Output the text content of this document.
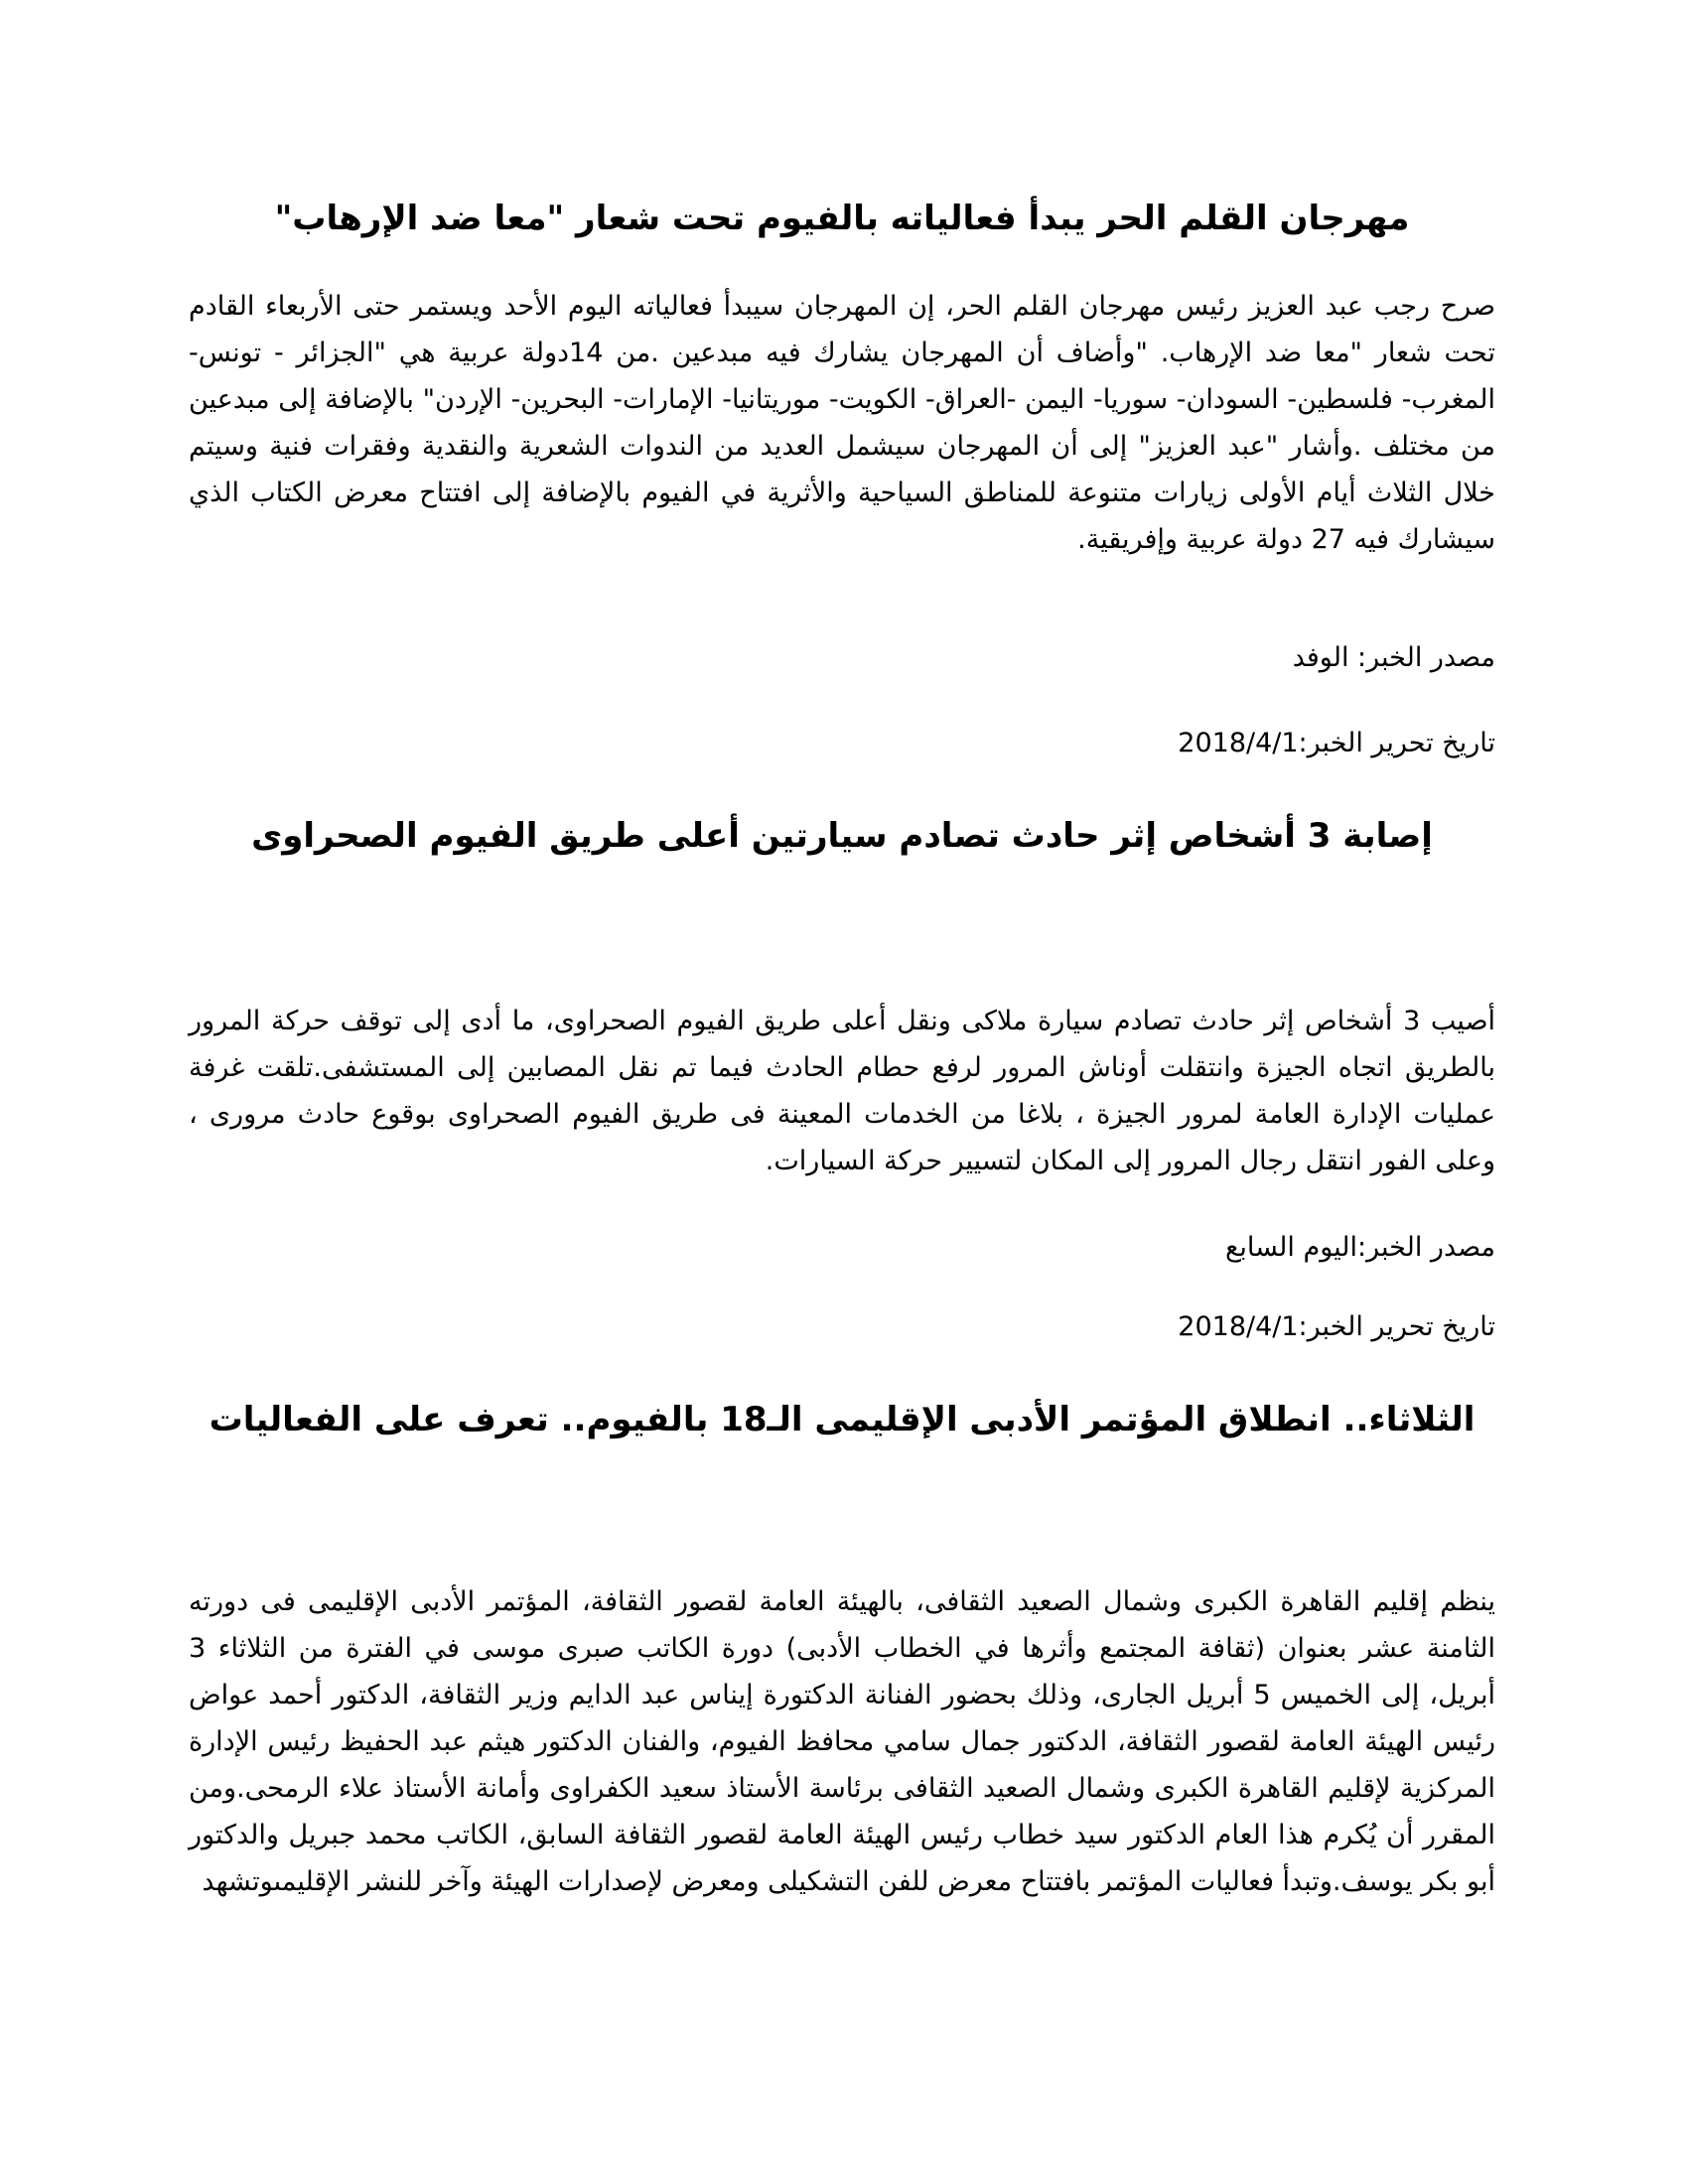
مهرجان القلم الحر يبدأ فعالياته بالفيوم تحت شعار "معا ضد الإرهاب"

صرح رجب عبد العزيز رئيس مهرجان القلم الحر، إن المهرجان سيبدأ فعالياته اليوم الأحد ويستمر حتى الأربعاء القادم تحت شعار "معا ضد الإرهاب. "وأضاف أن المهرجان يشارك فيه مبدعين .من 14دولة عربية هي "الجزائر - تونس- المغرب- فلسطين- السودان- سوريا- اليمن -العراق- الكويت- موريتانيا- الإمارات- البحرين- الإردن" بالإضافة إلى مبدعين من مختلف .وأشار "عبد العزيز" إلى أن المهرجان سيشمل العديد من الندوات الشعرية والنقدية وفقرات فنية وسيتم خلال الثلاث أيام الأولى زيارات متنوعة للمناطق السياحية والأثرية في الفيوم بالإضافة إلى افتتاح معرض الكتاب الذي سيشارك فيه 27 دولة عربية وإفريقية.

مصدر الخبر: الوفد

تاريخ تحرير الخبر:2018/4/1

إصابة 3 أشخاص إثر حادث تصادم سيارتين أعلى طريق الفيوم الصحراوى

أصيب 3 أشخاص إثر حادث تصادم سيارة ملاكى ونقل أعلى طريق الفيوم الصحراوى، ما أدى إلى توقف حركة المرور بالطريق اتجاه الجيزة وانتقلت أوناش المرور لرفع حطام الحادث فيما تم نقل المصابين إلى المستشفى.تلقت غرفة عمليات الإدارة العامة لمرور الجيزة ، بلاغا من الخدمات المعينة فى طريق الفيوم الصحراوى بوقوع حادث مرورى ، وعلى الفور انتقل رجال المرور إلى المكان لتسيير حركة السيارات.

مصدر الخبر:اليوم السابع

تاريخ تحرير الخبر:2018/4/1

الثلاثاء.. انطلاق المؤتمر الأدبى الإقليمى الـ18 بالفيوم.. تعرف على الفعاليات

ينظم إقليم القاهرة الكبرى وشمال الصعيد الثقافى، بالهيئة العامة لقصور الثقافة، المؤتمر الأدبى الإقليمى فى دورته الثامنة عشر بعنوان (ثقافة المجتمع وأثرها في الخطاب الأدبى) دورة الكاتب صبرى موسى في الفترة من الثلاثاء 3 أبريل، إلى الخميس 5 أبريل الجارى، وذلك بحضور الفنانة الدكتورة إيناس عبد الدايم وزير الثقافة، الدكتور أحمد عواض رئيس الهيئة العامة لقصور الثقافة، الدكتور جمال سامي محافظ الفيوم، والفنان الدكتور هيثم عبد الحفيظ رئيس الإدارة المركزية لإقليم القاهرة الكبرى وشمال الصعيد الثقافى برئاسة الأستاذ سعيد الكفراوى وأمانة الأستاذ علاء الرمحى.ومن المقرر أن يُكرم هذا العام الدكتور سيد خطاب رئيس الهيئة العامة لقصور الثقافة السابق، الكاتب محمد جبريل والدكتور أبو بكر يوسف.وتبدأ فعاليات المؤتمر بافتتاح معرض للفن التشكيلى ومعرض لإصدارات الهيئة وآخر للنشر الإقليمىوتشهد
